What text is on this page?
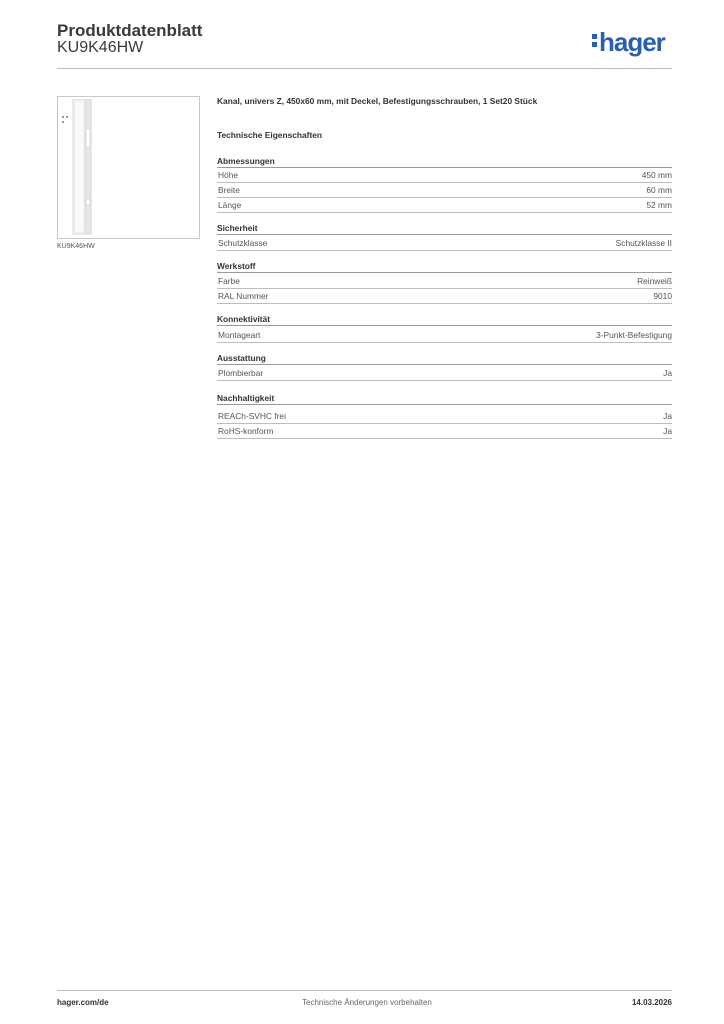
Produktdatenblatt
KU9K46HW	hager
KU9K46HW
Kanal, univers Z, 450x60 mm, mit Deckel, Befestigungsschrauben, 1 Set20 Stück
Technische Eigenschaften
Abmessungen
Höhe	450 mm
Breite	60 mm
Länge	52 mm
Sicherheit
Schutzklasse	Schutzklasse II
Werkstoff
Farbe	Reinweiß
RAL Nummer	9010
Konnektivität
Montageart	3-Punkt-Befestigung
Ausstattung
Plombierbar	Ja
Nachhaltigkeit
REACh-SVHC frei	Ja
RoHS-konform	Ja
hager.com/de	Technische Änderungen vorbehalten	14.03.2026
